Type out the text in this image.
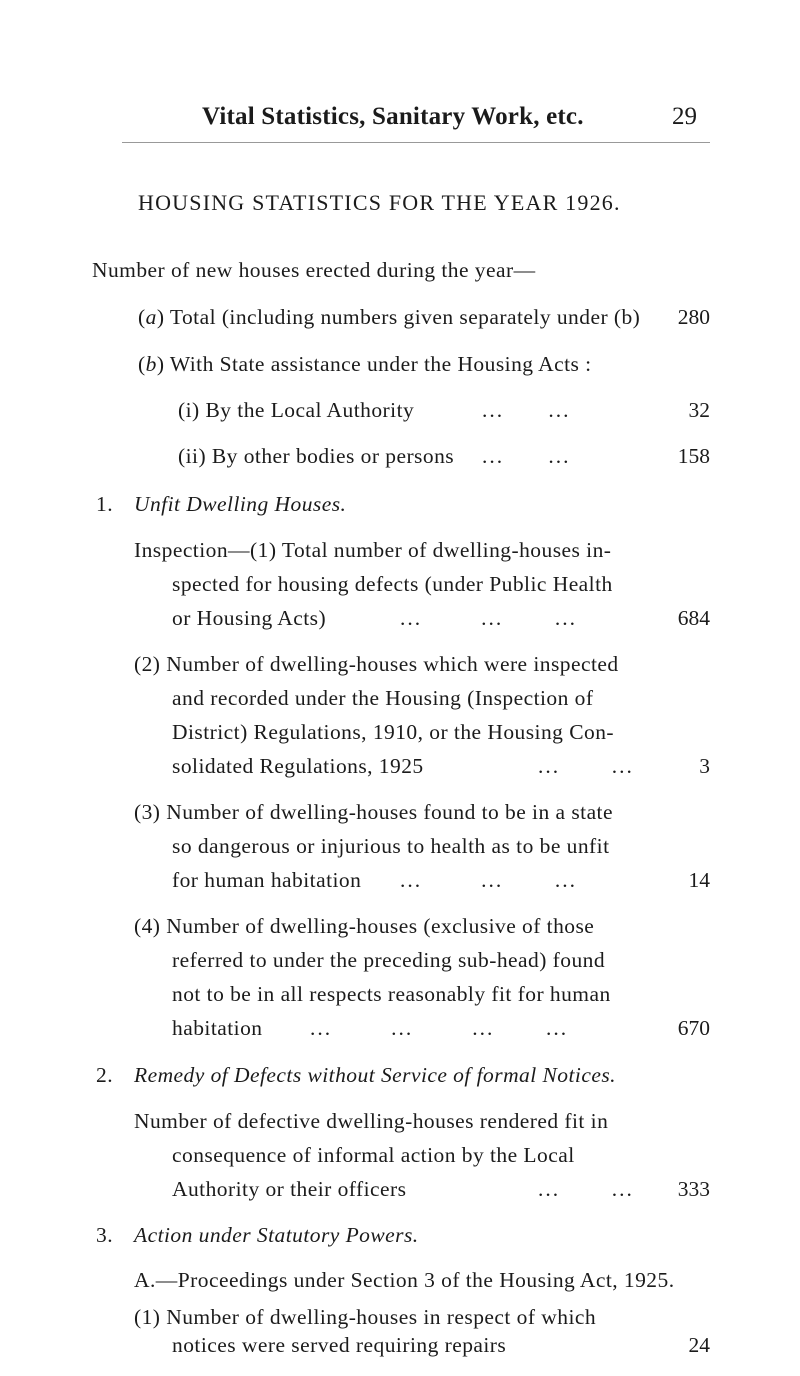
Vital Statistics, Sanitary Work, etc.	29
HOUSING STATISTICS FOR THE YEAR 1926.
Number of new houses erected during the year—
(a) Total (including numbers given separately under (b)	280
(b) With State assistance under the Housing Acts :
(i) By the Local Authority	...      ...	32
(ii) By other bodies or persons ...      ...	158
1. Unfit Dwelling Houses.
Inspection—(1) Total number of dwelling-houses in-
spected for housing defects (under Public Health
or Housing Acts)	...        ...       ...	684
(2) Number of dwelling-houses which were inspected
and recorded under the Housing (Inspection of
District) Regulations, 1910, or the Housing Con-
solidated Regulations, 1925	...       ...	3
(3) Number of dwelling-houses found to be in a state
so dangerous or injurious to health as to be unfit
for human habitation ...        ...       ...	14
(4) Number of dwelling-houses (exclusive of those
referred to under the preceding sub-head) found
not to be in all respects reasonably fit for human
habitation ...        ...        ...       ...	670
2. Remedy of Defects without Service of formal Notices.
Number of defective dwelling-houses rendered fit in
consequence of informal action by the Local
Authority or their officers	...       ...	333
3. Action under Statutory Powers.
A.—Proceedings under Section 3 of the Housing Act, 1925.
(1) Number of dwelling-houses in respect of which
notices were served requiring repairs	24
